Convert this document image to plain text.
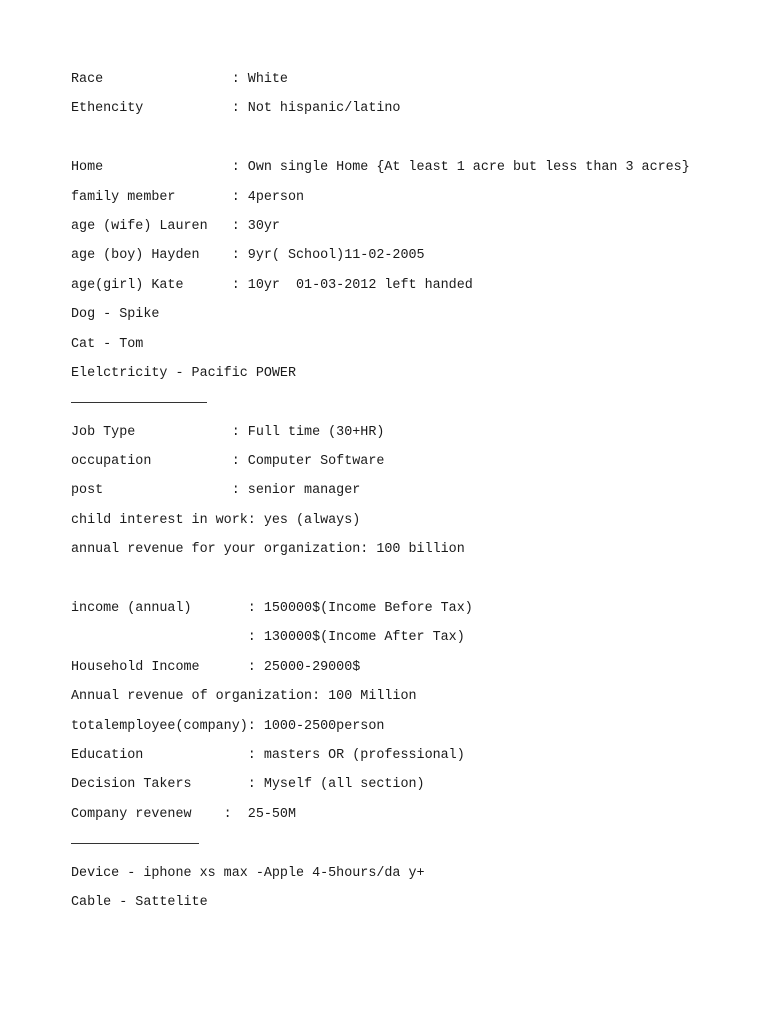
Race                : White
Ethencity           : Not hispanic/latino
Home                : Own single Home {At least 1 acre but less than 3 acres}
family member       : 4person
age (wife) Lauren   : 30yr
age (boy) Hayden    : 9yr( School)11-02-2005
age(girl) Kate      : 10yr  01-03-2012 left handed
Dog - Spike
Cat - Tom
Elelctricity - Pacific POWER
Job Type            : Full time (30+HR)
occupation          : Computer Software
post                : senior manager
child interest in work: yes (always)
annual revenue for your organization: 100 billion
income (annual)       : 150000$(Income Before Tax)
: 130000$(Income After Tax)
Household Income      : 25000-29000$
Annual revenue of organization: 100 Million
totalemployee(company): 1000-2500person
Education             : masters OR (professional)
Decision Takers       : Myself (all section)
Company revenew    :  25-50M
Device - iphone xs max -Apple 4-5hours/da y+
Cable - Sattelite
